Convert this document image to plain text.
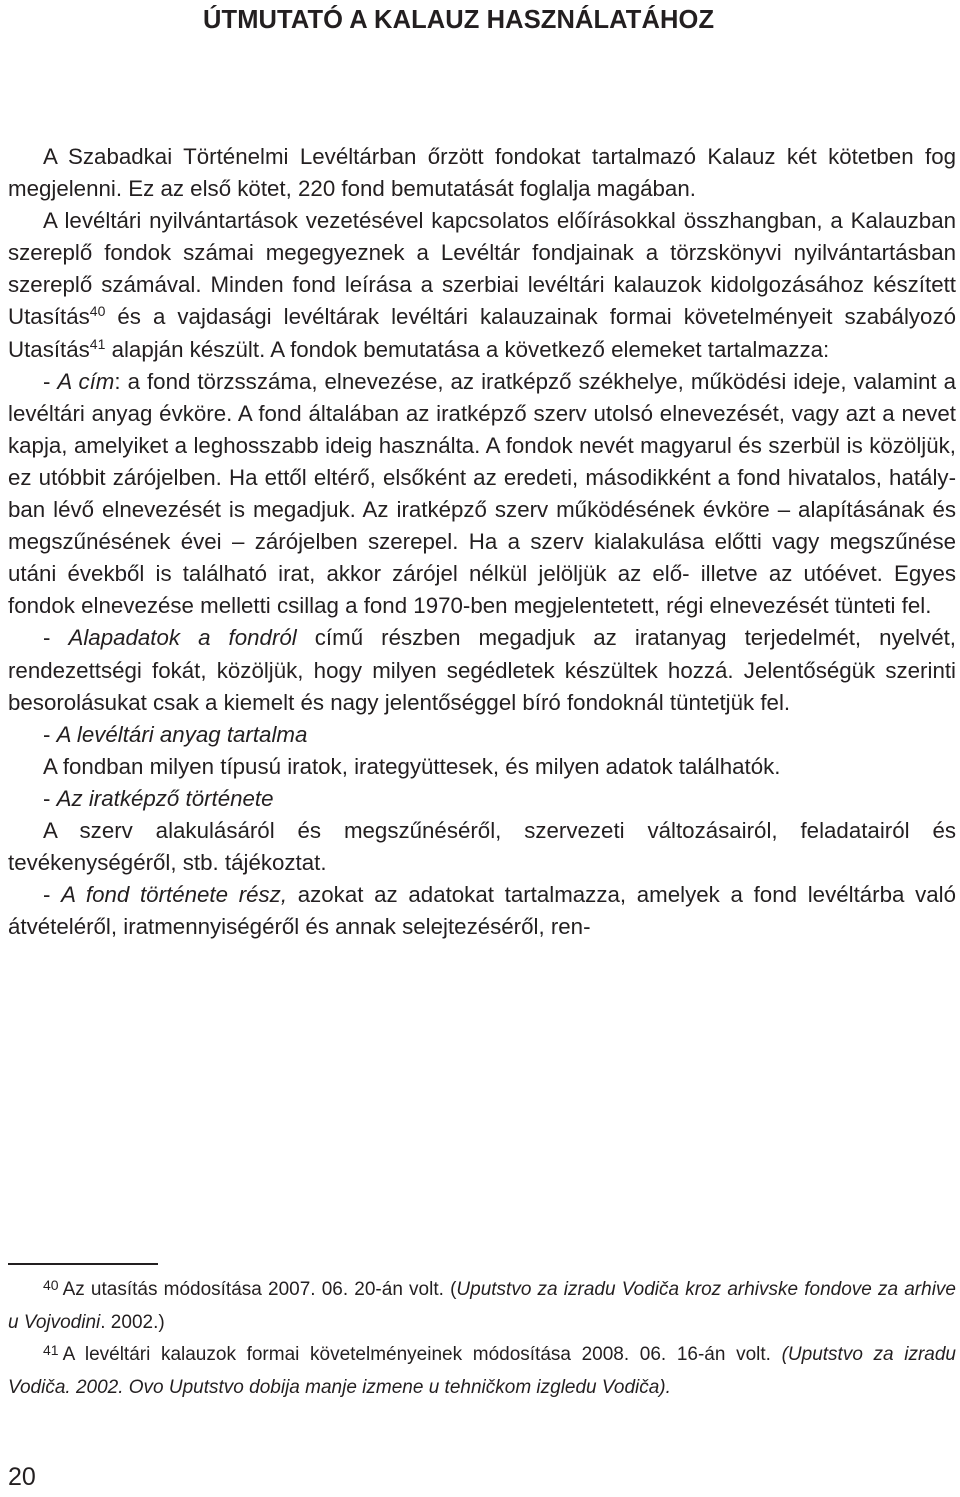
ÚTMUTATÓ A KALAUZ HASZNÁLATÁHOZ

A Szabadkai Történelmi Levéltárban őrzött fondokat tartalmazó Kalauz két kötetben fog megjelenni. Ez az első kötet, 220 fond bemutatását foglalja magában.

A levéltári nyilvántartások vezetésével kapcsolatos előírásokkal összhangban, a Kalauzban szereplő fondok számai megegyeznek a Levéltár fondjainak a törzskönyvi nyilvántartásban szereplő számával. Minden fond leírása a szerbiai levéltári kalauzok kidolgozásához készített Utasítás$^{40}$ és a vajdasági levéltárak levéltári kalauzainak formai követelményeit szabályozó Utasítás$^{41}$ alapján készült. A fondok bemutatása a következő elemeket tartalmazza:

- A cím: a fond törzsszáma, elnevezése, az iratképző székhelye, működési ideje, valamint a levéltári anyag évköre. A fond általában az iratképző szerv utolsó elnevezését, vagy azt a nevet kapja, amelyiket a leghosszabb ideig használta. A fondok nevét magyarul és szerbül is közöljük, ez utóbbit zárójelben. Ha ettől eltérő, elsőként az eredeti, másodikként a fond hivatalos, hatályban lévő elnevezését is megadjuk. Az iratképző szerv működésének évköre – alapításának és megszűnésének évei – zárójelben szerepel. Ha a szerv kialakulása előtti vagy megszűnése utáni évekből is található irat, akkor zárójel nélkül jelöljük az elő- illetve az utóévet. Egyes fondok elnevezése melletti csillag a fond 1970-ben megjelentetett, régi elnevezését tünteti fel.

- Alapadatok a fondról című részben megadjuk az iratanyag terjedelmét, nyelvét, rendezettségi fokát, közöljük, hogy milyen segédletek készültek hozzá. Jelentőségük szerinti besorolásukat csak a kiemelt és nagy jelentőséggel bíró fondoknál tüntetjük fel.

- A levéltári anyag tartalma

A fondban milyen típusú iratok, irategyüttesek, és milyen adatok találhatók.

- Az iratképző története

A szerv alakulásáról és megszűnéséről, szervezeti változásairól, feladatairól és tevékenységéről, stb. tájékoztat.

- A fond története rész, azokat az adatokat tartalmazza, amelyek a fond levéltárba való átvételéről, iratmennyiségéről és annak selejtezéséről, ren-

$^{40}$ Az utasítás módosítása 2007. 06. 20-án volt. (Uputstvo za izradu Vodiča kroz arhivske fondove za arhive u Vojvodini. 2002.)

$^{41}$ A levéltári kalauzok formai követelményeinek módosítása 2008. 06. 16-án volt. (Uputstvo za izradu Vodiča. 2002. Ovo Uputstvo dobija manje izmene u tehničkom izgledu Vodiča).

20
